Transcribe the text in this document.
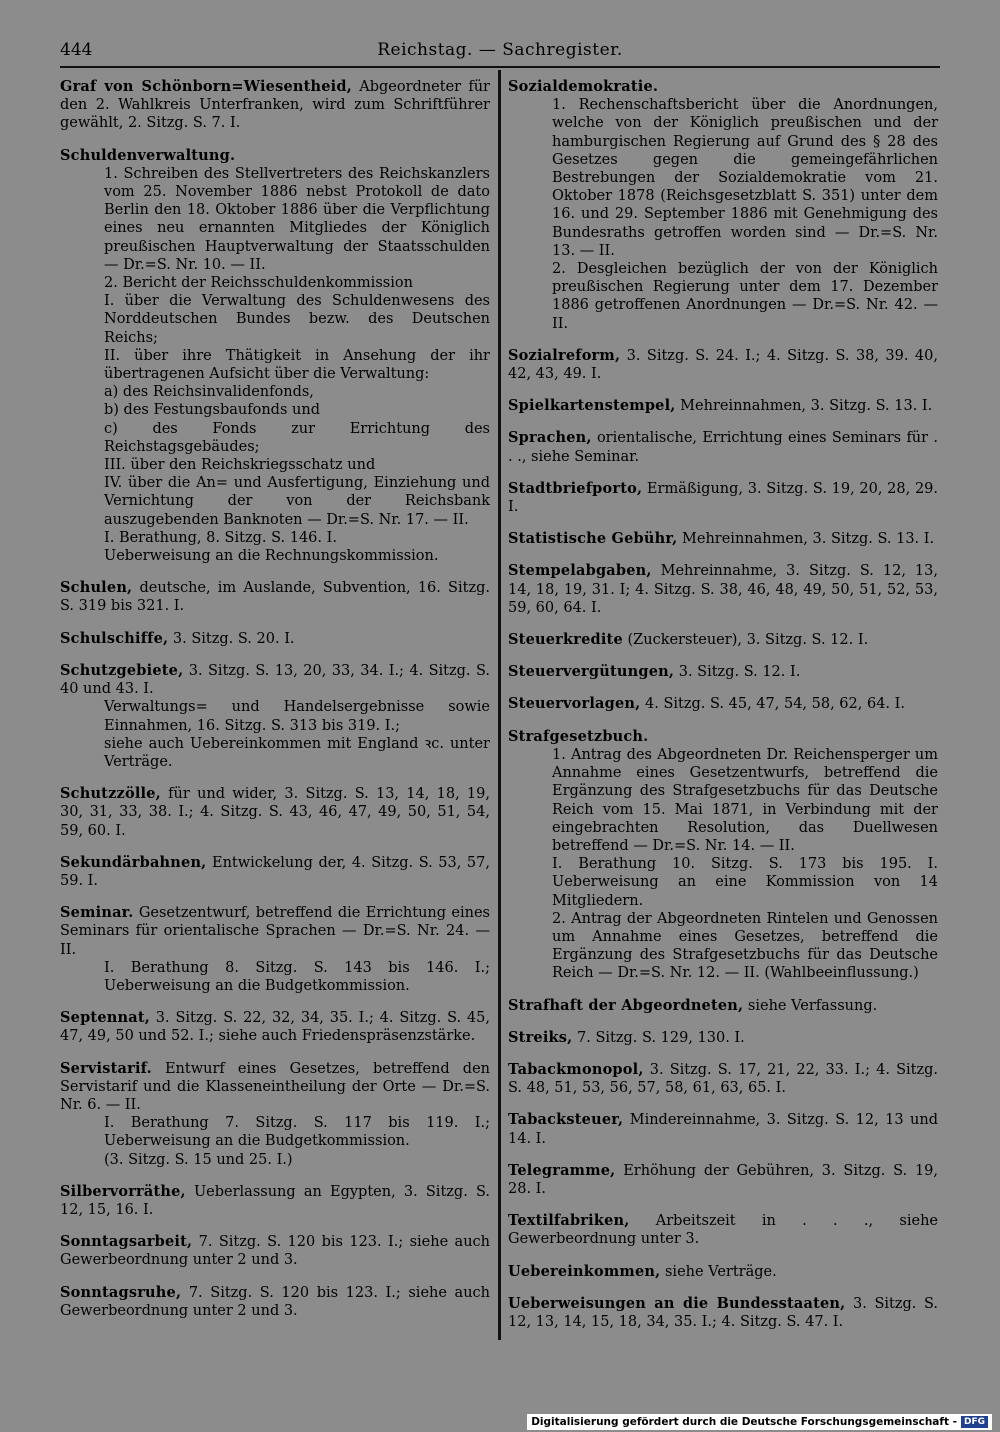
444	Reichstag. — Sachregister.
Graf von Schönborn=Wiesentheid, Abgeordneter für den 2. Wahlkreis Unterfranken, wird zum Schriftführer gewählt, 2. Sitzg. S. 7. I.
Schuldenverwaltung.
1. Schreiben des Stellvertreters des Reichskanzlers vom 25. November 1886 nebst Protokoll de dato Berlin den 18. Oktober 1886 über die Verpflichtung eines neu ernannten Mitgliedes der Königlich preußischen Hauptverwaltung der Staatsschulden — Dr.=S. Nr. 10. — II.
2. Bericht der Reichsschuldenkommission
I. über die Verwaltung des Schuldenwesens des Norddeutschen Bundes bezw. des Deutschen Reichs;
II. über ihre Thätigkeit in Ansehung der ihr übertragenen Aufsicht über die Verwaltung:
a) des Reichsinvalidenfonds,
b) des Festungsbaufonds und
c) des Fonds zur Errichtung des Reichstagsgebäudes;
III. über den Reichskriegsschatz und
IV. über die An= und Ausfertigung, Einziehung und Vernichtung der von der Reichsbank auszugebenden Banknoten — Dr.=S. Nr. 17. — II.
I. Berathung, 8. Sitzg. S. 146. I.
Ueberweisung an die Rechnungskommission.
Schulen, deutsche, im Auslande, Subvention, 16. Sitzg. S. 319 bis 321. I.
Schulschiffe, 3. Sitzg. S. 20. I.
Schutzgebiete, 3. Sitzg. S. 13, 20, 33, 34. I.; 4. Sitzg. S. 40 und 43. I.
Verwaltungs= und Handelsergebnisse sowie Einnahmen, 16. Sitzg. S. 313 bis 319. I.;
siehe auch Uebereinkommen mit England ꝛc. unter Verträge.
Schutzzölle, für und wider, 3. Sitzg. S. 13, 14, 18, 19, 30, 31, 33, 38. I.; 4. Sitzg. S. 43, 46, 47, 49, 50, 51, 54, 59, 60. I.
Sekundärbahnen, Entwickelung der, 4. Sitzg. S. 53, 57, 59. I.
Seminar. Gesetzentwurf, betreffend die Errichtung eines Seminars für orientalische Sprachen — Dr.=S. Nr. 24. — II.
I. Berathung 8. Sitzg. S. 143 bis 146. I.; Ueberweisung an die Budgetkommission.
Septennat, 3. Sitzg. S. 22, 32, 34, 35. I.; 4. Sitzg. S. 45, 47, 49, 50 und 52. I.; siehe auch Friedenspräsenzstärke.
Servistarif. Entwurf eines Gesetzes, betreffend den Servistarif und die Klasseneintheilung der Orte — Dr.=S. Nr. 6. — II.
I. Berathung 7. Sitzg. S. 117 bis 119. I.; Ueberweisung an die Budgetkommission.
(3. Sitzg. S. 15 und 25. I.)
Silbervorräthe, Ueberlassung an Egypten, 3. Sitzg. S. 12, 15, 16. I.
Sonntagsarbeit, 7. Sitzg. S. 120 bis 123. I.; siehe auch Gewerbeordnung unter 2 und 3.
Sonntagsruhe, 7. Sitzg. S. 120 bis 123. I.; siehe auch Gewerbeordnung unter 2 und 3.
Sozialdemokratie.
1. Rechenschaftsbericht über die Anordnungen, welche von der Königlich preußischen und der hamburgischen Regierung auf Grund des § 28 des Gesetzes gegen die gemeingefährlichen Bestrebungen der Sozialdemokratie vom 21. Oktober 1878 (Reichsgesetzblatt S. 351) unter dem 16. und 29. September 1886 mit Genehmigung des Bundesraths getroffen worden sind — Dr.=S. Nr. 13. — II.
2. Desgleichen bezüglich der von der Königlich preußischen Regierung unter dem 17. Dezember 1886 getroffenen Anordnungen — Dr.=S. Nr. 42. — II.
Sozialreform, 3. Sitzg. S. 24. I.; 4. Sitzg. S. 38, 39. 40, 42, 43, 49. I.
Spielkartenstempel, Mehreinnahmen, 3. Sitzg. S. 13. I.
Sprachen, orientalische, Errichtung eines Seminars für . . ., siehe Seminar.
Stadtbriefporto, Ermäßigung, 3. Sitzg. S. 19, 20, 28, 29. I.
Statistische Gebühr, Mehreinnahmen, 3. Sitzg. S. 13. I.
Stempelabgaben, Mehreinnahme, 3. Sitzg. S. 12, 13, 14, 18, 19, 31. I; 4. Sitzg. S. 38, 46, 48, 49, 50, 51, 52, 53, 59, 60, 64. I.
Steuerkredite (Zuckersteuer), 3. Sitzg. S. 12. I.
Steuervergütungen, 3. Sitzg. S. 12. I.
Steuervorlagen, 4. Sitzg. S. 45, 47, 54, 58, 62, 64. I.
Strafgesetzbuch.
1. Antrag des Abgeordneten Dr. Reichensperger um Annahme eines Gesetzentwurfs, betreffend die Ergänzung des Strafgesetzbuchs für das Deutsche Reich vom 15. Mai 1871, in Verbindung mit der eingebrachten Resolution, das Duellwesen betreffend — Dr.=S. Nr. 14. — II.
I. Berathung 10. Sitzg. S. 173 bis 195. I. Ueberweisung an eine Kommission von 14 Mitgliedern.
2. Antrag der Abgeordneten Rintelen und Genossen um Annahme eines Gesetzes, betreffend die Ergänzung des Strafgesetzbuchs für das Deutsche Reich — Dr.=S. Nr. 12. — II. (Wahlbeeinflussung.)
Strafhaft der Abgeordneten, siehe Verfassung.
Streiks, 7. Sitzg. S. 129, 130. I.
Tabackmonopol, 3. Sitzg. S. 17, 21, 22, 33. I.; 4. Sitzg. S. 48, 51, 53, 56, 57, 58, 61, 63, 65. I.
Tabacksteuer, Mindereinnahme, 3. Sitzg. S. 12, 13 und 14. I.
Telegramme, Erhöhung der Gebühren, 3. Sitzg. S. 19, 28. I.
Textilfabriken, Arbeitszeit in . . ., siehe Gewerbeordnung unter 3.
Uebereinkommen, siehe Verträge.
Ueberweisungen an die Bundesstaaten, 3. Sitzg. S. 12, 13, 14, 15, 18, 34, 35. I.; 4. Sitzg. S. 47. I.
Digitalisierung gefördert durch die Deutsche Forschungsgemeinschaft - DFG
